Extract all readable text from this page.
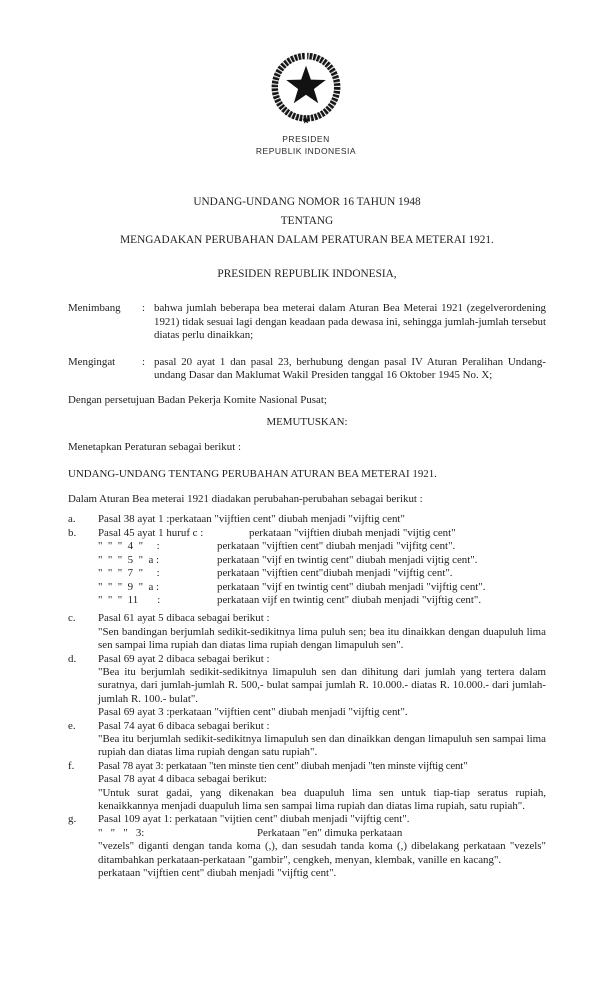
PRESIDEN
REPUBLIK INDONESIA
UNDANG-UNDANG NOMOR 16 TAHUN 1948
TENTANG
MENGADAKAN PERUBAHAN DALAM PERATURAN BEA METERAI 1921.
PRESIDEN REPUBLIK INDONESIA,
Menimbang	: bahwa jumlah beberapa bea meterai dalam Aturan Bea Meterai 1921 (zegelverordening 1921) tidak sesuai lagi dengan keadaan pada dewasa ini, sehingga jumlah-jumlah tersebut diatas perlu dinaikkan;
Mengingat	: pasal 20 ayat 1 dan pasal 23, berhubung dengan pasal IV Aturan Peralihan Undang-undang Dasar dan Maklumat Wakil Presiden tanggal 16 Oktober 1945 No. X;
Dengan persetujuan Badan Pekerja Komite Nasional Pusat;
MEMUTUSKAN:
Menetapkan Peraturan sebagai berikut :
UNDANG-UNDANG TENTANG PERUBAHAN ATURAN BEA METERAI 1921.
Dalam Aturan Bea meterai 1921 diadakan perubahan-perubahan sebagai berikut :
a.	Pasal 38 ayat 1 :perkataan "vijftien cent" diubah menjadi "vijftig cent"
b.	Pasal 45 ayat 1 huruf c :	perkataan "vijftien diubah menjadi "vijtig cent"
"  "  "  4  "     :	perkataan "vijftien cent" diubah menjadi "vijfitg cent".
"  "  "  5  "  a :	perkataan "vijf en twintig cent" diubah menjadi vijtig cent".
"  "  "  7  "     :	perkataan "vijftien cent"diubah menjadi "vijftig cent".
"  "  "  9  "  a :	perkataan "vijf en twintig cent" diubah menjadi "vijftig cent".
"  "  "  11       :	perkataan vijf en twintig cent" diubah menjadi "vijftig cent".
c.	Pasal 61 ayat 5 dibaca sebagai berikut :
"Sen bandingan berjumlah sedikit-sedikitnya lima puluh sen; bea itu dinaikkan dengan duapuluh lima sen sampai lima rupiah dan diatas lima rupiah dengan limapuluh sen".
d.	Pasal 69 ayat 2 dibaca sebagai berikut :
"Bea itu berjumlah sedikit-sedikitnya limapuluh sen dan dihitung dari jumlah yang tertera dalam suratnya, dari jumlah-jumlah R. 500,- bulat sampai jumlah R. 10.000.- diatas R. 10.000.- dari jumlah-jumlah R. 100.- bulat".
Pasal 69 ayat 3 :perkataan "vijftien cent" diubah menjadi "vijftig cent".
e.	Pasal 74 ayat 6 dibaca sebagai berikut :
"Bea itu berjumlah sedikit-sedikitnya limapuluh sen dan dinaikkan dengan limapuluh sen sampai lima rupiah dan diatas lima rupiah dengan satu rupiah".
f.	Pasal 78 ayat 3: perkataan "ten minste tien cent" diubah menjadi "ten minste vijftig cent"
Pasal 78 ayat 4 dibaca sebagai berikut:
"Untuk surat gadai, yang dikenakan bea duapuluh lima sen untuk tiap-tiap seratus rupiah, kenaikkannya menjadi duapuluh lima sen sampai lima rupiah dan diatas lima rupiah, satu rupiah".
g.	Pasal 109 ayat 1: perkataan "vijtien cent" diubah menjadi "vijftig cent".
"   "   "   3:	Perkataan "en" dimuka perkataan
"vezels" diganti dengan tanda koma (,), dan sesudah tanda koma (,) dibelakang perkataan "vezels" ditambahkan perkataan-perkataan "gambir", cengkeh, menyan, klembak, vanille en kacang".
perkataan "vijftien cent" diubah menjadi "vijftig cent".
